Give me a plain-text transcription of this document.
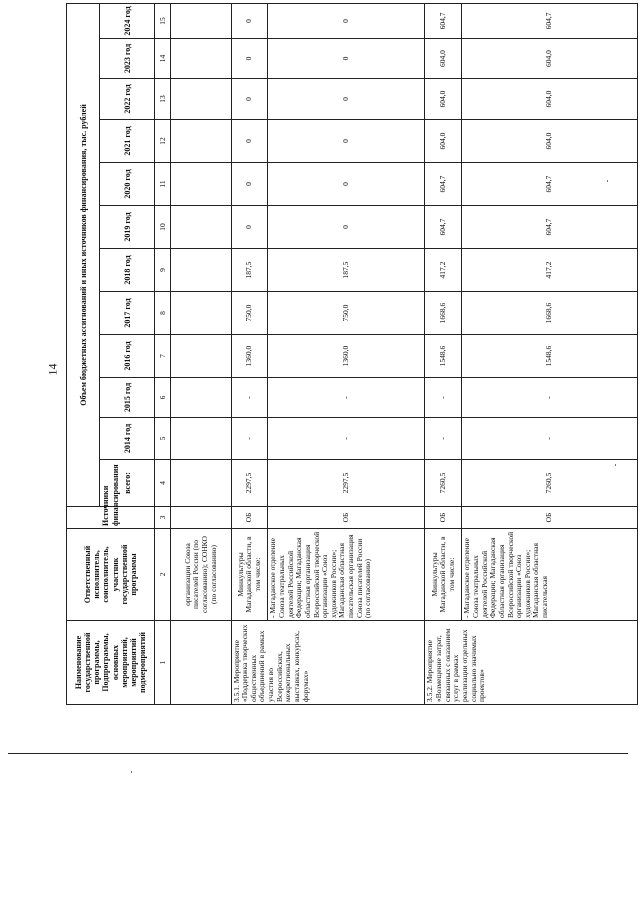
14
Наименование государственной программы, Подпрограммы, основных мероприятий, мероприятий подмероприятий	Ответственный исполнитель, соисполнитель, участник государственной программы	Источники финансирования	Объем бюджетных ассигнований и иных источников финансирования, тыс. рублей											
			всего:	2014 год	2015 год	2016 год	2017 год	2018 год	2019 год	2020 год	2021 год	2022 год	2023 год	2024 год
1	2	3	4	5	6	7	8	9	10	11	12	13	14	15
	организации Союза писателей России (по согласованию); СОНКО (по согласованию)													
3.5.1. Мероприятие «Поддержка творческих общественных объединений в рамках участия во Всероссийских, межрегиональных выставках, конкурсах, форумах»	Минкультуры Магаданской области, в том числе:	ОБ	2297,5	-	-	1360,0	750,0	187,5	0	0	0	0	0	0
	- Магаданское отделение Союза театральных деятелей Российской Федерации; Магаданская областная организация Всероссийской творческой организации «Союз художников России»; Магаданская областная писательская организация Союза писателей России (по согласованию)	ОБ	2297,5	-	-	1360,0	750,0	187,5	0	0	0	0	0	0
3.5.2. Мероприятие «Возмещение затрат, связанных с оказанием услуг в рамках реализации отдельных социально значимых проектов»	Минкультуры Магаданской области, в том числе:	ОБ	7260,5	-	-	1548,6	1668,6	417,2	604,7	604,7	604,0	604,0	604,0	604,7
	- Магаданское отделение Союза театральных деятелей Российской Федерации; Магаданская областная организация Всероссийской творческой организации «Союз художников России»; Магаданская областная писательская	ОБ	7260,5	-	-	1548,6	1668,6	417,2	604,7	604,7	604,0	604,0	604,0	604,7
